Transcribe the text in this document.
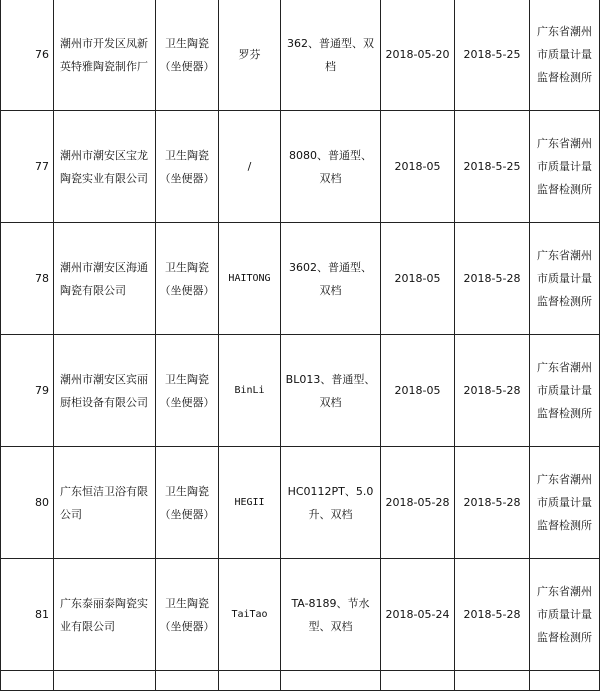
76	潮州市开发区凤新英特雅陶瓷制作厂	卫生陶瓷（坐便器）	罗芬	362、普通型、双档	2018-05-20	2018-5-25	广东省潮州市质量计量监督检测所
77	潮州市潮安区宝龙陶瓷实业有限公司	卫生陶瓷（坐便器）	/	8080、普通型、双档	2018-05	2018-5-25	广东省潮州市质量计量监督检测所
78	潮州市潮安区海通陶瓷有限公司	卫生陶瓷（坐便器）	HAITONG	3602、普通型、双档	2018-05	2018-5-28	广东省潮州市质量计量监督检测所
79	潮州市潮安区宾丽厨柜设备有限公司	卫生陶瓷（坐便器）	BinLi	BL013、普通型、双档	2018-05	2018-5-28	广东省潮州市质量计量监督检测所
80	广东恒洁卫浴有限公司	卫生陶瓷（坐便器）	HEGII	HC0112PT、5.0升、双档	2018-05-28	2018-5-28	广东省潮州市质量计量监督检测所
81	广东泰丽泰陶瓷实业有限公司	卫生陶瓷（坐便器）	TaiTao	TA-8189、节水型、双档	2018-05-24	2018-5-28	广东省潮州市质量计量监督检测所
